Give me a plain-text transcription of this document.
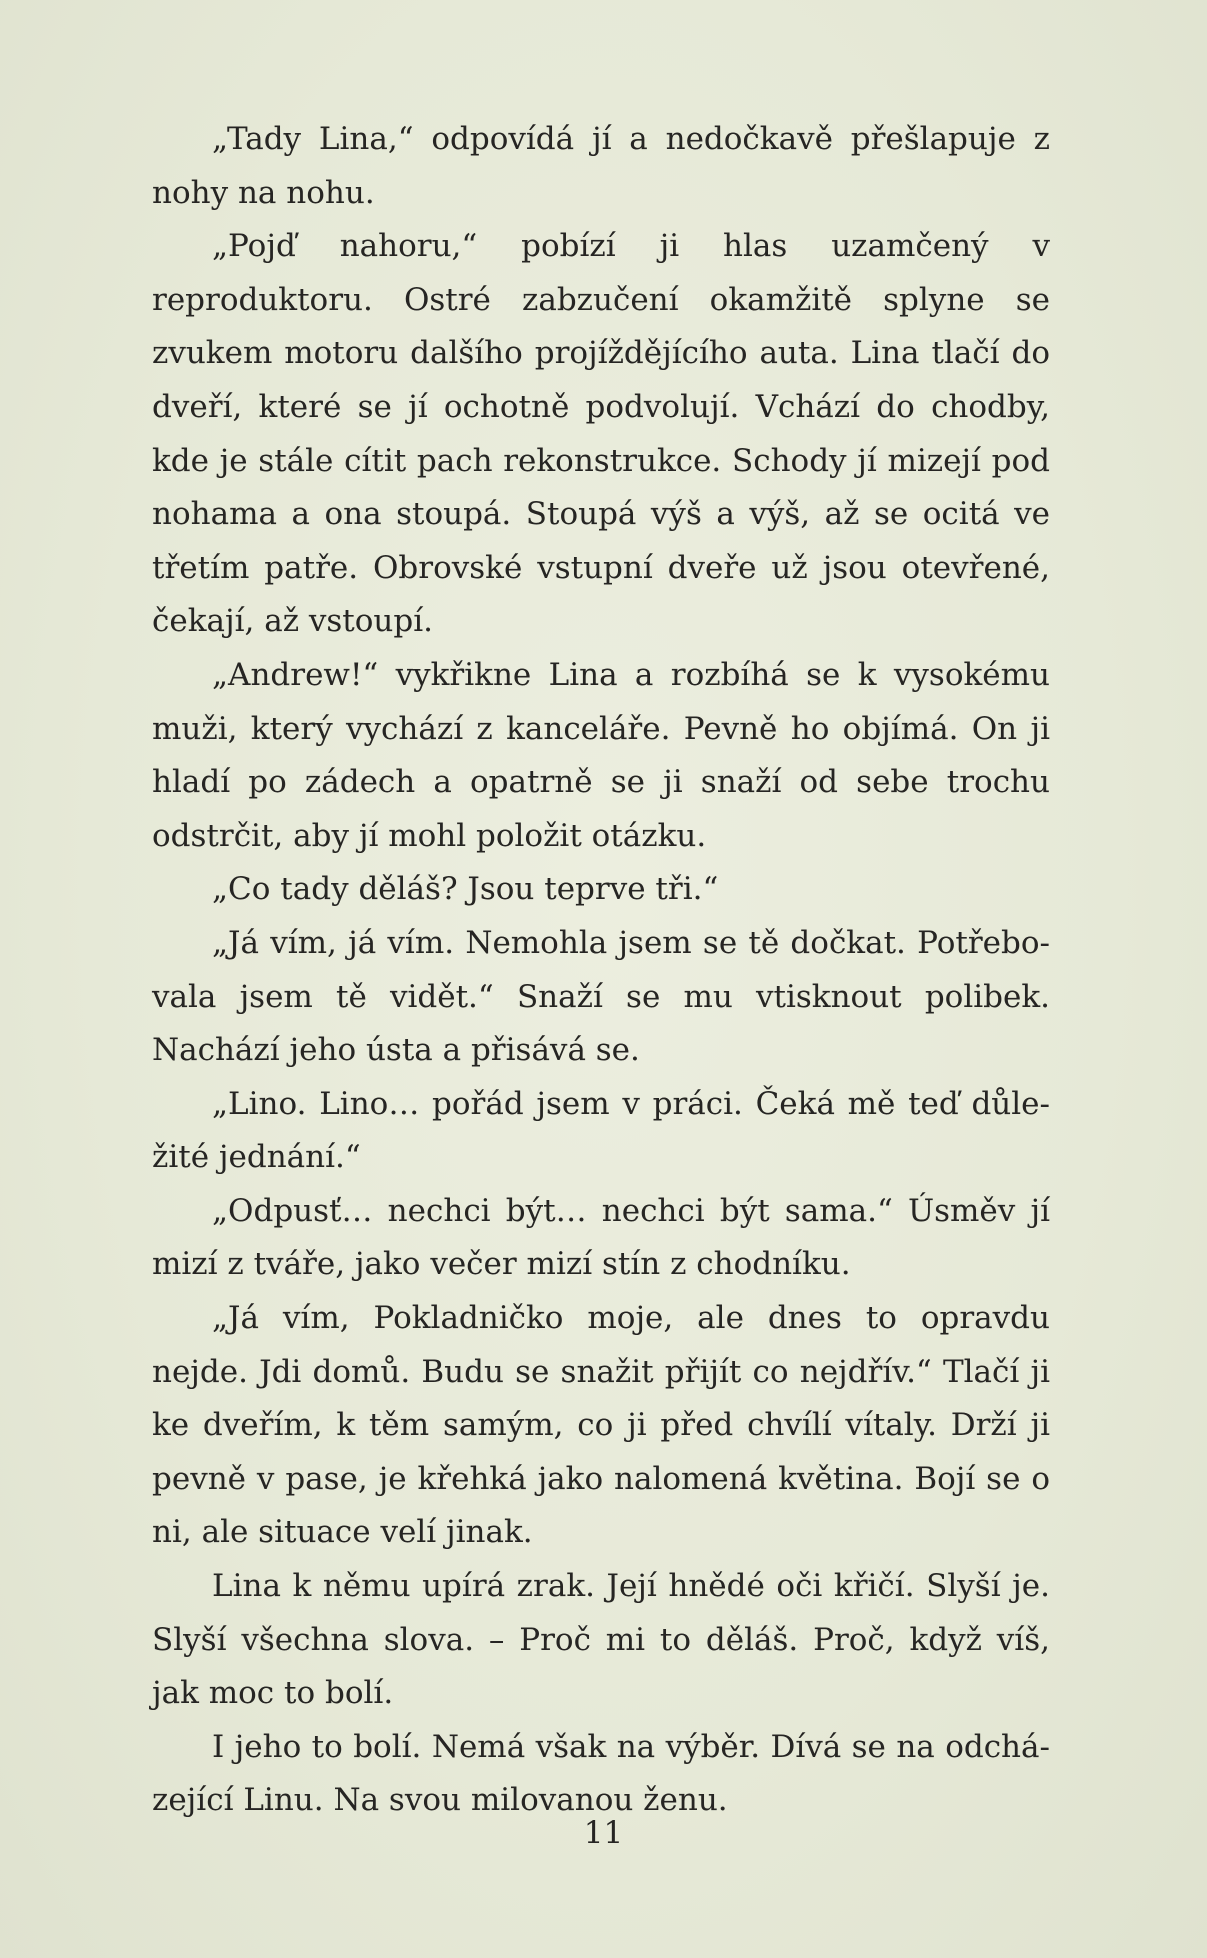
„Tady Lina,“ odpovídá jí a nedočkavě přešlapuje z nohy na nohu.

„Pojď nahoru,“ pobízí ji hlas uzamčený v reproduktoru. Ostré zabzučení okamžitě splyne se zvukem motoru dalšího projíždějícího auta. Lina tlačí do dveří, které se jí ochotně podvolují. Vchází do chodby, kde je stále cítit pach rekonstrukce. Schody jí mizejí pod nohama a ona stoupá. Stoupá výš a výš, až se ocitá ve třetím patře. Obrovské vstupní dveře už jsou otevřené, čekají, až vstoupí.

„Andrew!“ vykřikne Lina a rozbíhá se k vysokému muži, který vychází z kanceláře. Pevně ho objímá. On ji hladí po zádech a opatrně se ji snaží od sebe trochu odstrčit, aby jí mohl položit otázku.

„Co tady děláš? Jsou teprve tři.“

„Já vím, já vím. Nemohla jsem se tě dočkat. Potřebovala jsem tě vidět.“ Snaží se mu vtisknout polibek. Nachází jeho ústa a přisává se.

„Lino. Lino… pořád jsem v práci. Čeká mě teď důležité jednání.“

„Odpusť… nechci být… nechci být sama.“ Úsměv jí mizí z tváře, jako večer mizí stín z chodníku.

„Já vím, Pokladničko moje, ale dnes to opravdu nejde. Jdi domů. Budu se snažit přijít co nejdřív.“ Tlačí ji ke dveřím, k těm samým, co ji před chvílí vítaly. Drží ji pevně v pase, je křehká jako nalomená květina. Bojí se o ni, ale situace velí jinak.

Lina k němu upírá zrak. Její hnědé oči křičí. Slyší je. Slyší všechna slova. – Proč mi to děláš. Proč, když víš, jak moc to bolí.

I jeho to bolí. Nemá však na výběr. Dívá se na odcházející Linu. Na svou milovanou ženu.

11
